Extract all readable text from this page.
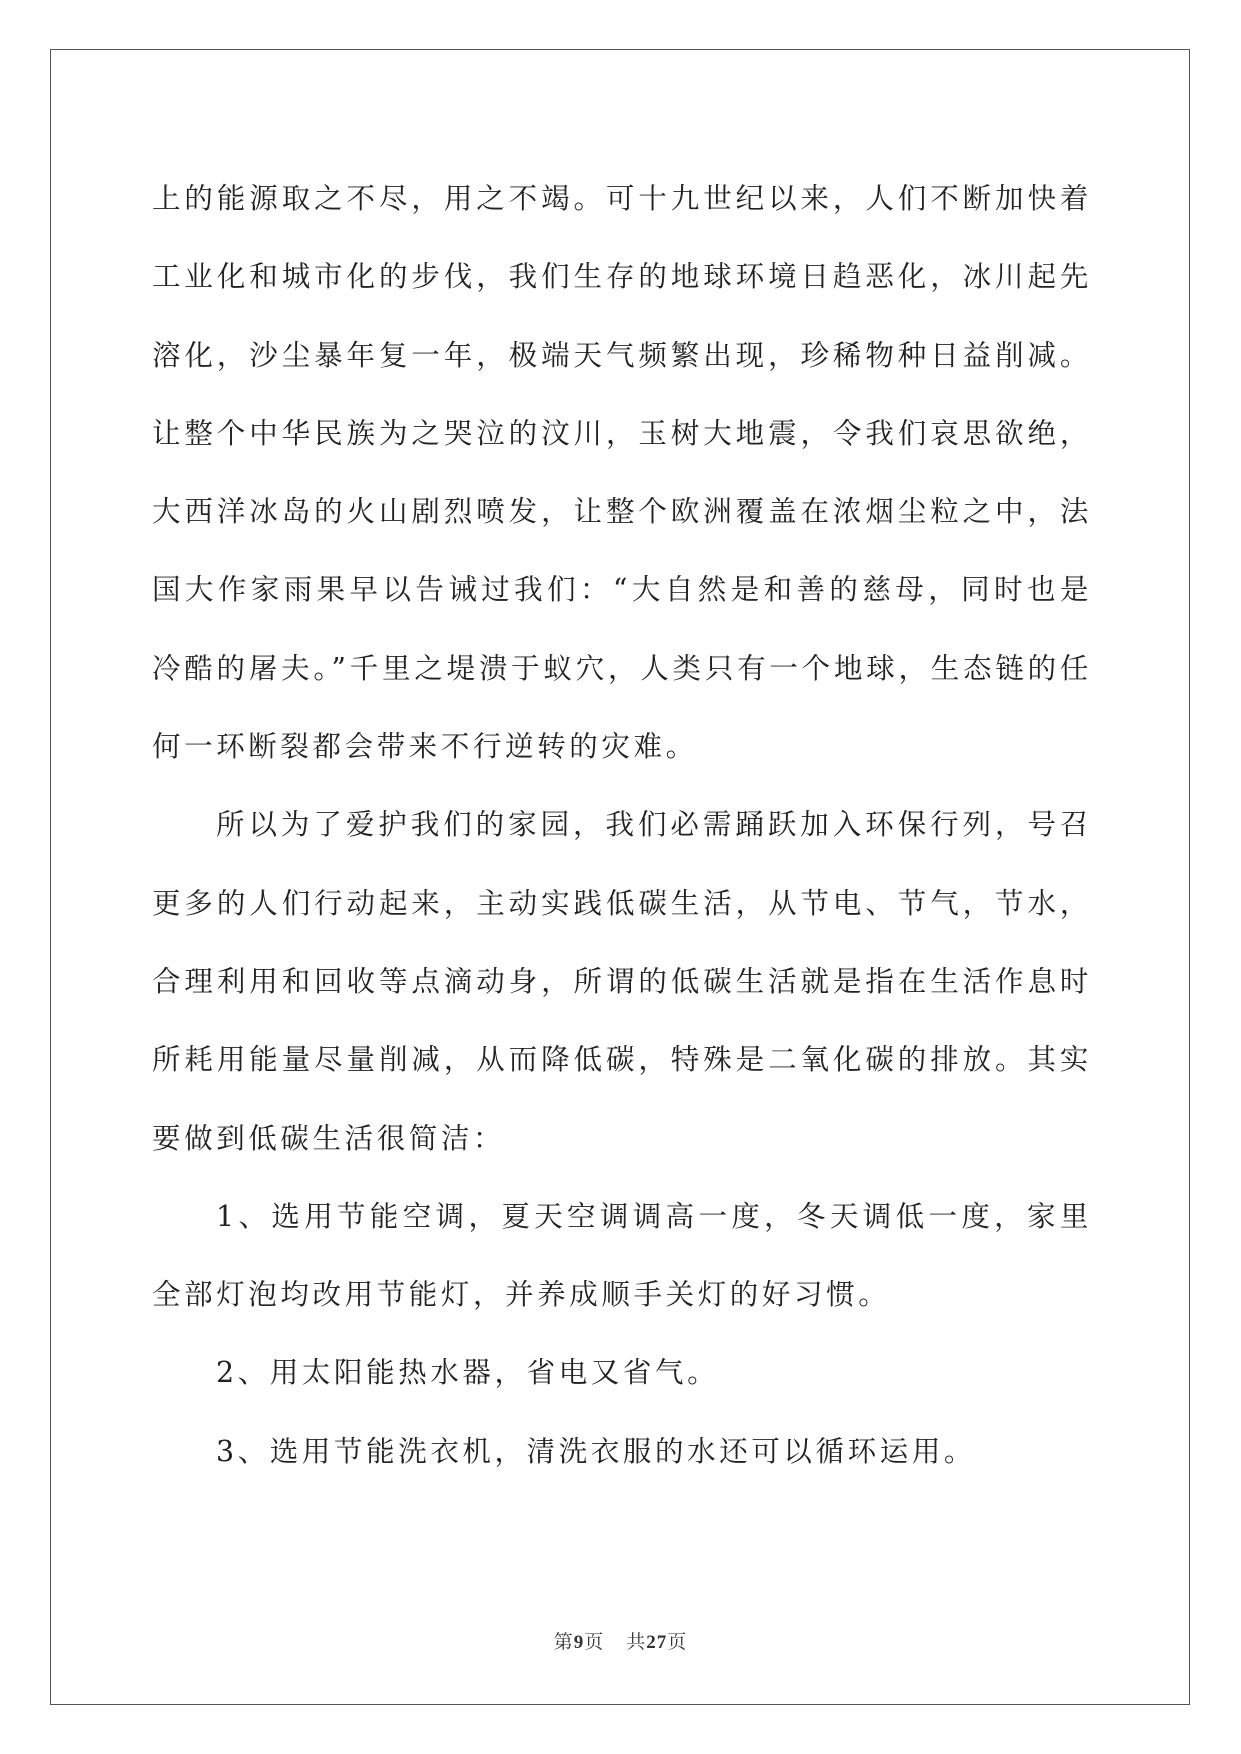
上的能源取之不尽，用之不竭。可十九世纪以来，人们不断加快着工业化和城市化的步伐，我们生存的地球环境日趋恶化，冰川起先溶化，沙尘暴年复一年，极端天气频繁出现，珍稀物种日益削减。让整个中华民族为之哭泣的汶川，玉树大地震，令我们哀思欲绝，大西洋冰岛的火山剧烈喷发，让整个欧洲覆盖在浓烟尘粒之中，法国大作家雨果早以告诫过我们：“大自然是和善的慈母，同时也是冷酷的屠夫。”千里之堤溃于蚁穴，人类只有一个地球，生态链的任何一环断裂都会带来不行逆转的灾难。

所以为了爱护我们的家园，我们必需踊跃加入环保行列，号召更多的人们行动起来，主动实践低碳生活，从节电、节气，节水，合理利用和回收等点滴动身，所谓的低碳生活就是指在生活作息时所耗用能量尽量削减，从而降低碳，特殊是二氧化碳的排放。其实要做到低碳生活很简洁：

1、选用节能空调，夏天空调调高一度，冬天调低一度，家里全部灯泡均改用节能灯，并养成顺手关灯的好习惯。

2、用太阳能热水器，省电又省气。

3、选用节能洗衣机，清洗衣服的水还可以循环运用。

第9页 共27页
